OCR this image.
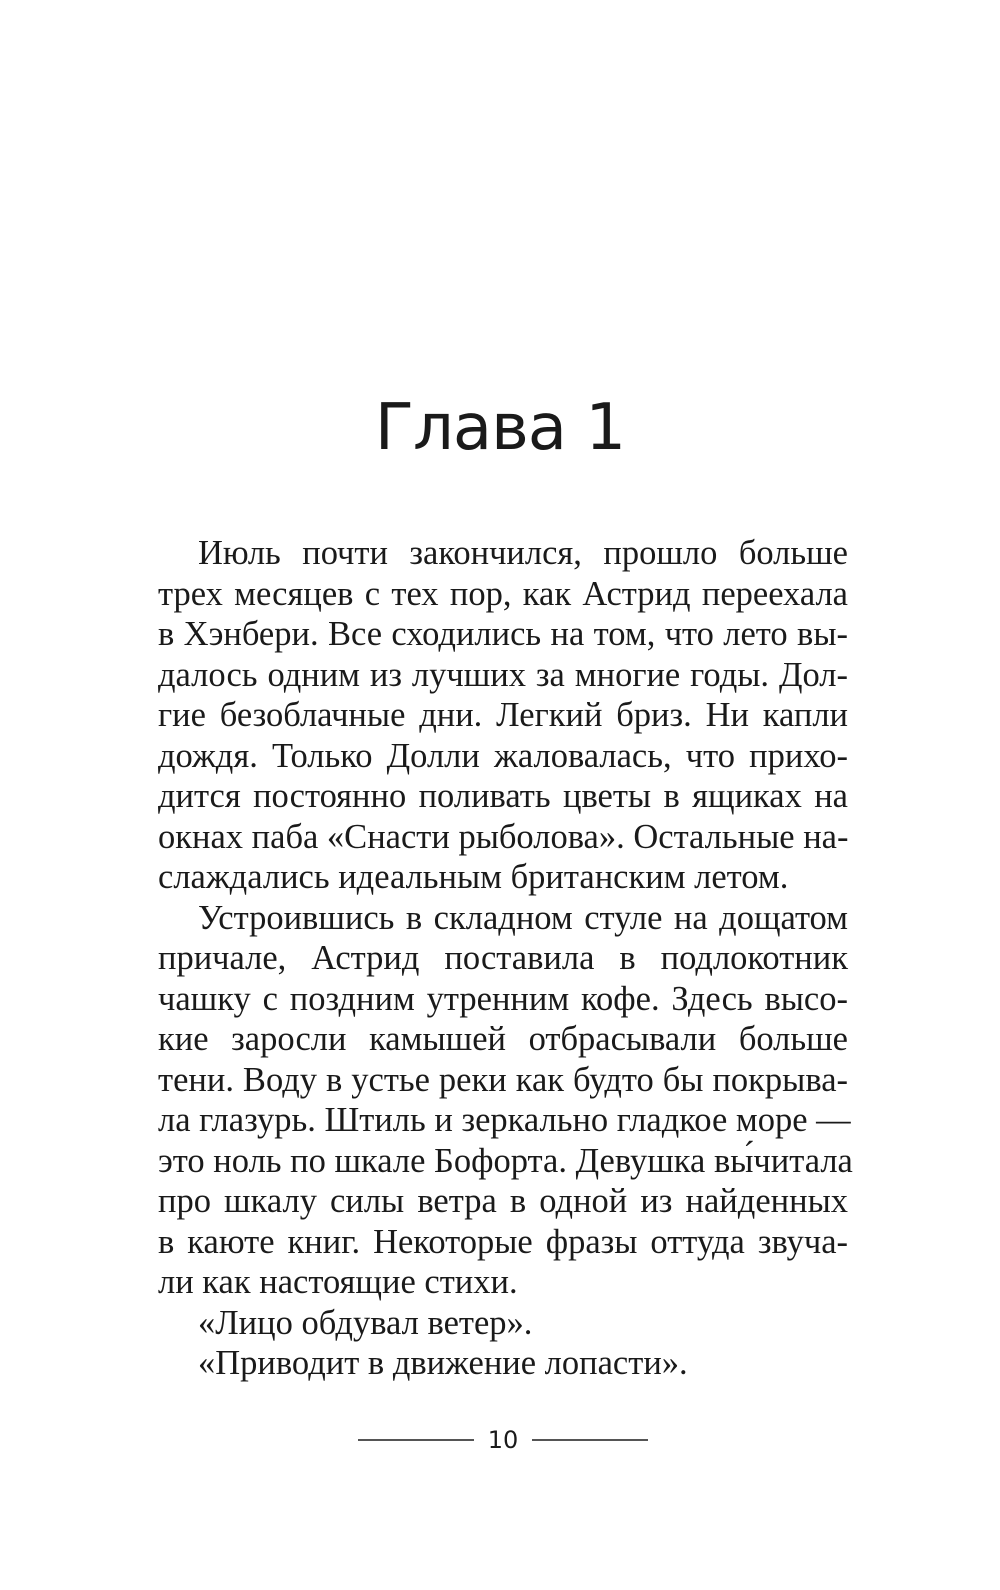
Глава 1
Июль почти закончился, прошло больше
трех месяцев с тех пор, как Астрид переехала
в Хэнбери. Все сходились на том, что лето вы-
далось одним из лучших за многие годы. Дол-
гие безоблачные дни. Легкий бриз. Ни капли
дождя. Только Долли жаловалась, что прихо-
дится постоянно поливать цветы в ящиках на
окнах паба «Снасти рыболова». Остальные на-
слаждались идеальным британским летом.
Устроившись в складном стуле на дощатом
причале, Астрид поставила в подлокотник
чашку с поздним утренним кофе. Здесь высо-
кие заросли камышей отбрасывали больше
тени. Воду в устье реки как будто бы покрыва-
ла глазурь. Штиль и зеркально гладкое море —
это ноль по шкале Бофорта. Девушка вы́читала
про шкалу силы ветра в одной из найденных
в каюте книг. Некоторые фразы оттуда звуча-
ли как настоящие стихи.
«Лицо обдувал ветер».
«Приводит в движение лопасти».
10
